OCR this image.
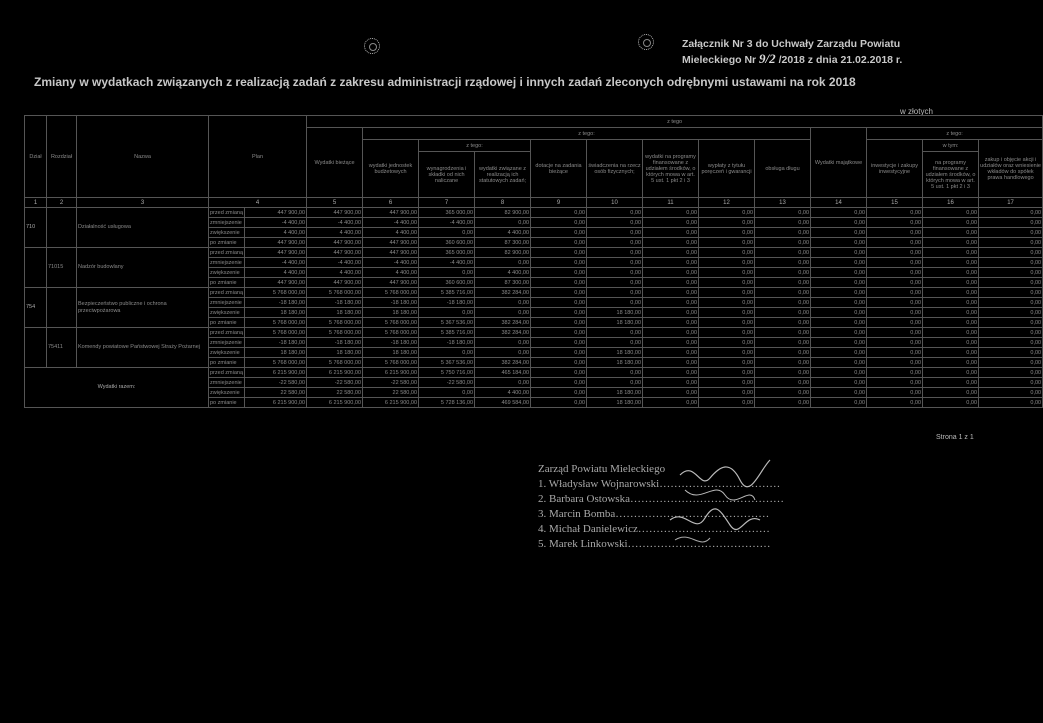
Załącznik Nr 3 do Uchwały Zarządu Powiatu
Mieleckiego Nr 9/2 /2018 z dnia 21.02.2018 r.
Zmiany w wydatkach związanych z realizacją zadań z zakresu administracji rządowej i innych zadań zleconych odrębnymi ustawami na rok 2018
w złotych
Dział	Rozdział	Nazwa	Plan		z tego												
					Wydatki bieżące	z tego:								Wydatki majątkowe	z tego:		
						wydatki jednostek budżetowych	z tego:		dotacje na zadania bieżące	świadczenia na rzecz osób fizycznych;	wydatki na programy finansowane z udziałem środków, o których mowa w art. 5 ust. 1 pkt 2 i 3	wypłaty z tytułu poręczeń i gwarancji	obsługa długu		inwestycje i zakupy inwestycyjne	w tym:	zakup i objęcie akcji i udziałów oraz wniesienie wkładów do spółek prawa handlowego
							wynagrodzenia i składki od nich naliczane	wydatki związane z realizacją ich statutowych zadań;								na programy finansowane z udziałem środków, o których mowa w art. 5 ust. 1 pkt 2 i 3	
1	2	3	4		5	6	7	8	9	10	11	12	13	14	15	16	17
710		Działalność usługowa	przed zmianą	447 900,00	447 900,00	447 900,00	365 000,00	82 900,00	0,00	0,00	0,00	0,00	0,00	0,00	0,00	0,00	0,00
			zmniejszenie	-4 400,00	-4 400,00	-4 400,00	-4 400,00	0,00	0,00	0,00	0,00	0,00	0,00	0,00	0,00	0,00	0,00
			zwiększenie	4 400,00	4 400,00	4 400,00	0,00	4 400,00	0,00	0,00	0,00	0,00	0,00	0,00	0,00	0,00	0,00
			po zmianie	447 900,00	447 900,00	447 900,00	360 600,00	87 300,00	0,00	0,00	0,00	0,00	0,00	0,00	0,00	0,00	0,00
	71015	Nadzór budowlany	przed zmianą	447 900,00	447 900,00	447 900,00	365 000,00	82 900,00	0,00	0,00	0,00	0,00	0,00	0,00	0,00	0,00	0,00
			zmniejszenie	-4 400,00	-4 400,00	-4 400,00	-4 400,00	0,00	0,00	0,00	0,00	0,00	0,00	0,00	0,00	0,00	0,00
			zwiększenie	4 400,00	4 400,00	4 400,00	0,00	4 400,00	0,00	0,00	0,00	0,00	0,00	0,00	0,00	0,00	0,00
			po zmianie	447 900,00	447 900,00	447 900,00	360 600,00	87 300,00	0,00	0,00	0,00	0,00	0,00	0,00	0,00	0,00	0,00
754		Bezpieczeństwo publiczne i ochrona przeciwpożarowa	przed zmianą	5 768 000,00	5 768 000,00	5 768 000,00	5 385 716,00	382 284,00	0,00	0,00	0,00	0,00	0,00	0,00	0,00	0,00	0,00
			zmniejszenie	-18 180,00	-18 180,00	-18 180,00	-18 180,00	0,00	0,00	0,00	0,00	0,00	0,00	0,00	0,00	0,00	0,00
			zwiększenie	18 180,00	18 180,00	18 180,00	0,00	0,00	0,00	18 180,00	0,00	0,00	0,00	0,00	0,00	0,00	0,00
			po zmianie	5 768 000,00	5 768 000,00	5 768 000,00	5 367 536,00	382 284,00	0,00	18 180,00	0,00	0,00	0,00	0,00	0,00	0,00	0,00
	75411	Komendy powiatowe Państwowej Straży Pożarnej	przed zmianą	5 768 000,00	5 768 000,00	5 768 000,00	5 385 716,00	382 284,00	0,00	0,00	0,00	0,00	0,00	0,00	0,00	0,00	0,00
			zmniejszenie	-18 180,00	-18 180,00	-18 180,00	-18 180,00	0,00	0,00	0,00	0,00	0,00	0,00	0,00	0,00	0,00	0,00
			zwiększenie	18 180,00	18 180,00	18 180,00	0,00	0,00	0,00	18 180,00	0,00	0,00	0,00	0,00	0,00	0,00	0,00
			po zmianie	5 768 000,00	5 768 000,00	5 768 000,00	5 367 536,00	382 284,00	0,00	18 180,00	0,00	0,00	0,00	0,00	0,00	0,00	0,00
Wydatki razem:			przed zmianą	6 215 900,00	6 215 900,00	6 215 900,00	5 750 716,00	465 184,00	0,00	0,00	0,00	0,00	0,00	0,00	0,00	0,00	0,00
			zmniejszenie	-22 580,00	-22 580,00	-22 580,00	-22 580,00	0,00	0,00	0,00	0,00	0,00	0,00	0,00	0,00	0,00	0,00
			zwiększenie	22 580,00	22 580,00	22 580,00	0,00	4 400,00	0,00	18 180,00	0,00	0,00	0,00	0,00	0,00	0,00	0,00
			po zmianie	6 215 900,00	6 215 900,00	6 215 900,00	5 728 136,00	469 584,00	0,00	18 180,00	0,00	0,00	0,00	0,00	0,00	0,00	0,00
Strona 1 z 1
Zarząd Powiatu Mieleckiego
1. Władysław Wojnarowski……………………………
2. Barbara Ostowska……………………………………
3. Marcin Bomba……………………………………
4. Michał Danielewicz………………………………
5. Marek Linkowski…………………………………
